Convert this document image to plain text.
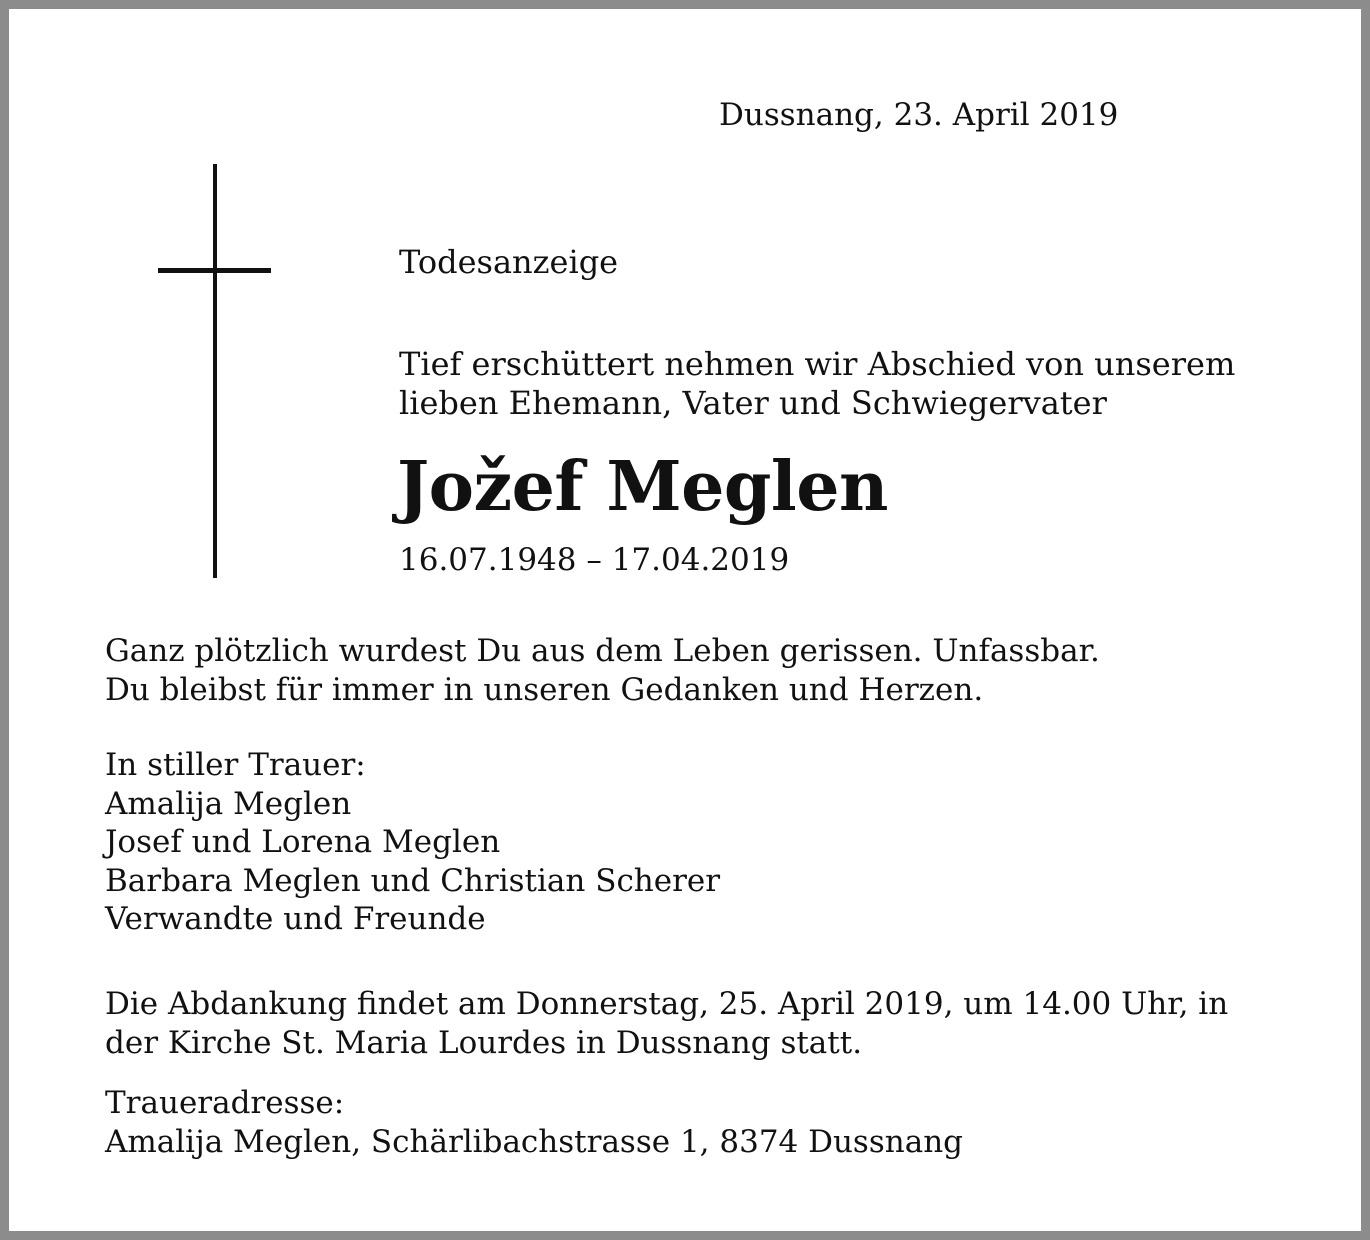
Dussnang, 23. April 2019

Todesanzeige

Tief erschüttert nehmen wir Abschied von unserem
lieben Ehemann, Vater und Schwiegervater

Jožef Meglen

16.07.1948 – 17.04.2019

Ganz plötzlich wurdest Du aus dem Leben gerissen. Unfassbar.
Du bleibst für immer in unseren Gedanken und Herzen.
In stiller Trauer:
Amalija Meglen
Josef und Lorena Meglen
Barbara Meglen und Christian Scherer
Verwandte und Freunde
Die Abdankung findet am Donnerstag, 25. April 2019, um 14.00 Uhr, in
der Kirche St. Maria Lourdes in Dussnang statt.
Traueradresse:
Amalija Meglen, Schärlibachstrasse 1, 8374 Dussnang
